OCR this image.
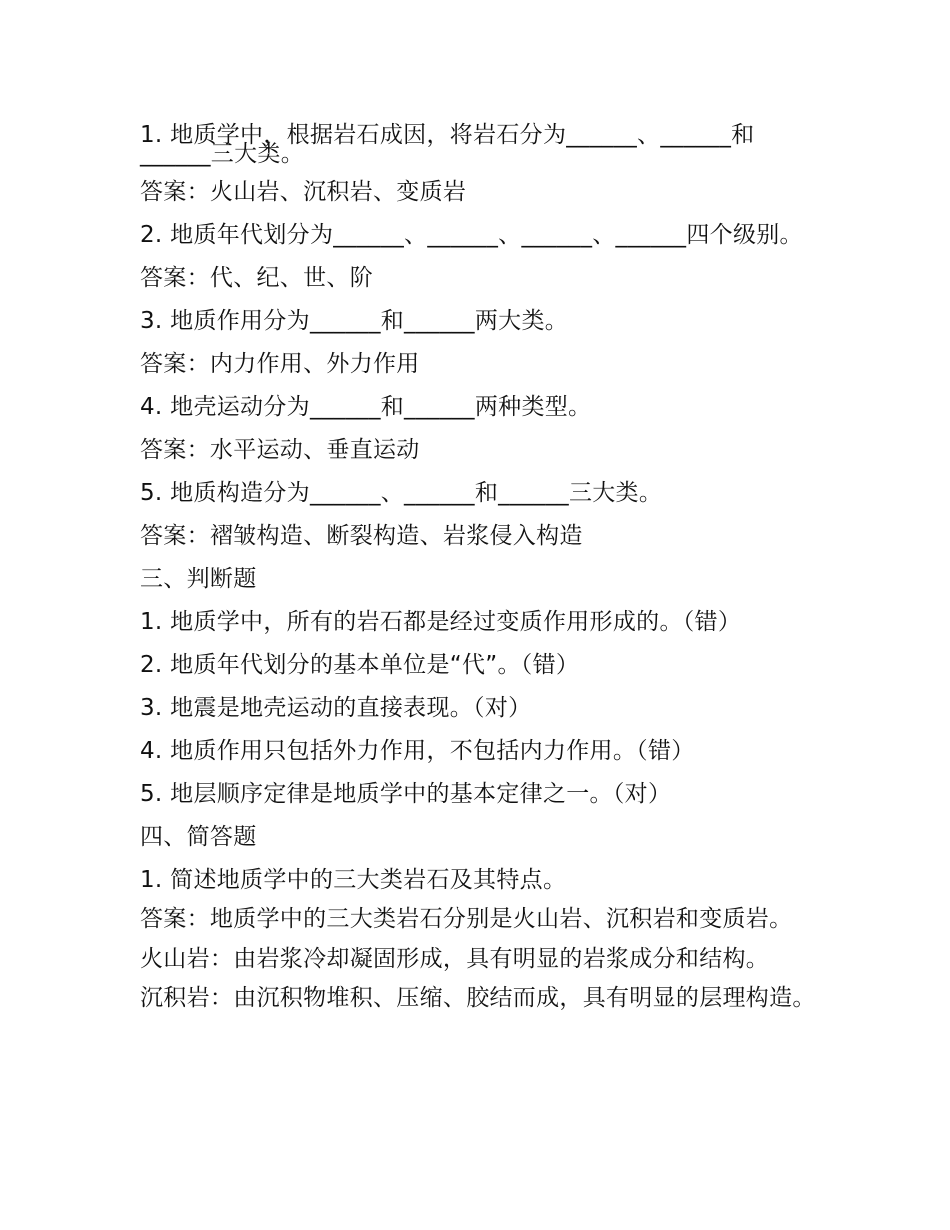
1. 地质学中，根据岩石成因，将岩石分为______、______和______三大类。
答案：火山岩、沉积岩、变质岩
2. 地质年代划分为______、______、______、______四个级别。
答案：代、纪、世、阶
3. 地质作用分为______和______两大类。
答案：内力作用、外力作用
4. 地壳运动分为______和______两种类型。
答案：水平运动、垂直运动
5. 地质构造分为______、______和______三大类。
答案：褶皱构造、断裂构造、岩浆侵入构造
三、判断题
1. 地质学中，所有的岩石都是经过变质作用形成的。（错）
2. 地质年代划分的基本单位是“代”。（错）
3. 地震是地壳运动的直接表现。（对）
4. 地质作用只包括外力作用，不包括内力作用。（错）
5. 地层顺序定律是地质学中的基本定律之一。（对）
四、简答题
1. 简述地质学中的三大类岩石及其特点。
答案：地质学中的三大类岩石分别是火山岩、沉积岩和变质岩。
火山岩：由岩浆冷却凝固形成，具有明显的岩浆成分和结构。
沉积岩：由沉积物堆积、压缩、胶结而成，具有明显的层理构造。
